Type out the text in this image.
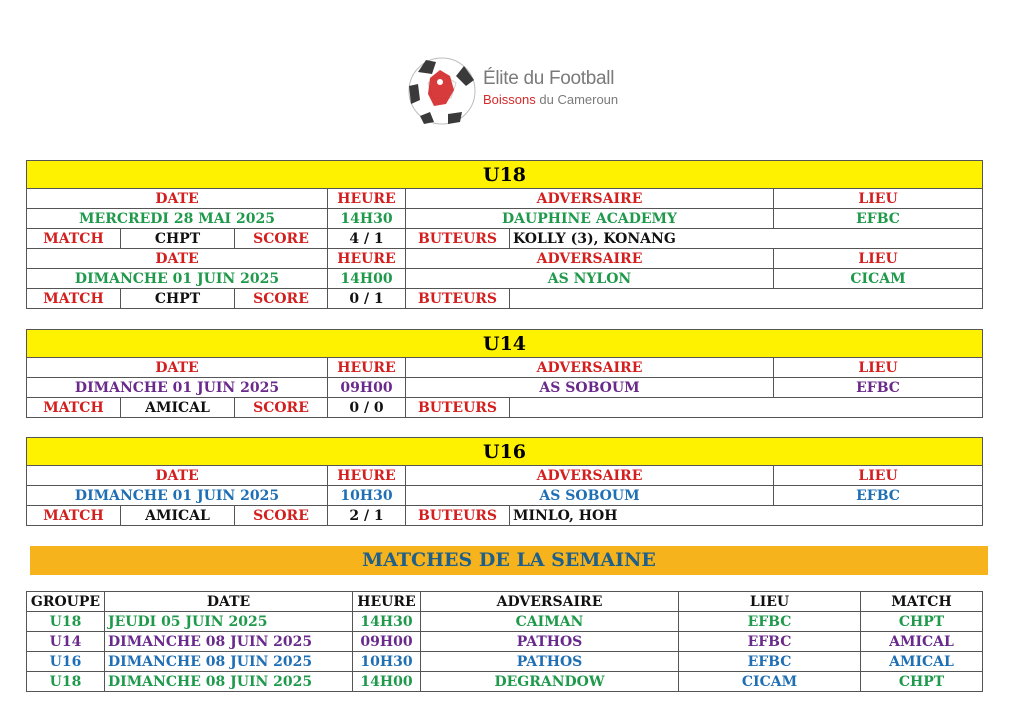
Élite du Football
Boissons du Cameroun
U18						
DATE			HEURE	ADVERSAIRE		LIEU
MERCREDI 28 MAI 2025			14H30	DAUPHINE ACADEMY		EFBC
MATCH	CHPT	SCORE	4 / 1	BUTEURS	KOLLY (3), KONANG	
DATE			HEURE	ADVERSAIRE		LIEU
DIMANCHE 01 JUIN 2025			14H00	AS NYLON		CICAM
MATCH	CHPT	SCORE	0 / 1	BUTEURS		
U14						
DATE			HEURE	ADVERSAIRE		LIEU
DIMANCHE 01 JUIN 2025			09H00	AS SOBOUM		EFBC
MATCH	AMICAL	SCORE	0 / 0	BUTEURS		
U16						
DATE			HEURE	ADVERSAIRE		LIEU
DIMANCHE 01 JUIN 2025			10H30	AS SOBOUM		EFBC
MATCH	AMICAL	SCORE	2 / 1	BUTEURS	MINLO, HOH	
MATCHES DE LA SEMAINE
GROUPE	DATE	HEURE	ADVERSAIRE	LIEU	MATCH
U18	JEUDI 05 JUIN 2025	14H30	CAIMAN	EFBC	CHPT
U14	DIMANCHE 08 JUIN 2025	09H00	PATHOS	EFBC	AMICAL
U16	DIMANCHE 08 JUIN 2025	10H30	PATHOS	EFBC	AMICAL
U18	DIMANCHE 08 JUIN 2025	14H00	DEGRANDOW	CICAM	CHPT
